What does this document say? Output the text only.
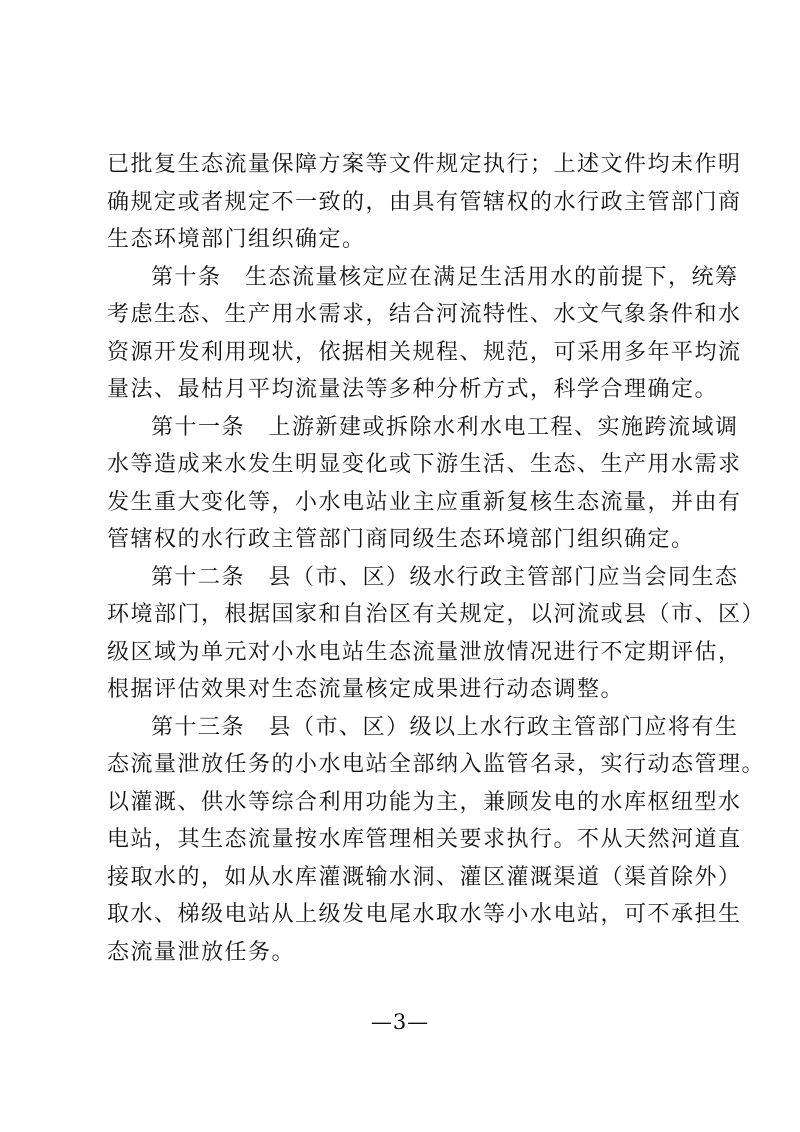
已批复生态流量保障方案等文件规定执行；上述文件均未作明
确规定或者规定不一致的，由具有管辖权的水行政主管部门商
生态环境部门组织确定。

第十条　生态流量核定应在满足生活用水的前提下，统筹
考虑生态、生产用水需求，结合河流特性、水文气象条件和水
资源开发利用现状，依据相关规程、规范，可采用多年平均流
量法、最枯月平均流量法等多种分析方式，科学合理确定。

第十一条　上游新建或拆除水利水电工程、实施跨流域调
水等造成来水发生明显变化或下游生活、生态、生产用水需求
发生重大变化等，小水电站业主应重新复核生态流量，并由有
管辖权的水行政主管部门商同级生态环境部门组织确定。

第十二条　县（市、区）级水行政主管部门应当会同生态
环境部门，根据国家和自治区有关规定，以河流或县（市、区）
级区域为单元对小水电站生态流量泄放情况进行不定期评估，
根据评估效果对生态流量核定成果进行动态调整。

第十三条　县（市、区）级以上水行政主管部门应将有生
态流量泄放任务的小水电站全部纳入监管名录，实行动态管理。
以灌溉、供水等综合利用功能为主，兼顾发电的水库枢纽型水
电站，其生态流量按水库管理相关要求执行。不从天然河道直
接取水的，如从水库灌溉输水洞、灌区灌溉渠道（渠首除外）
取水、梯级电站从上级发电尾水取水等小水电站，可不承担生
态流量泄放任务。

—3—
